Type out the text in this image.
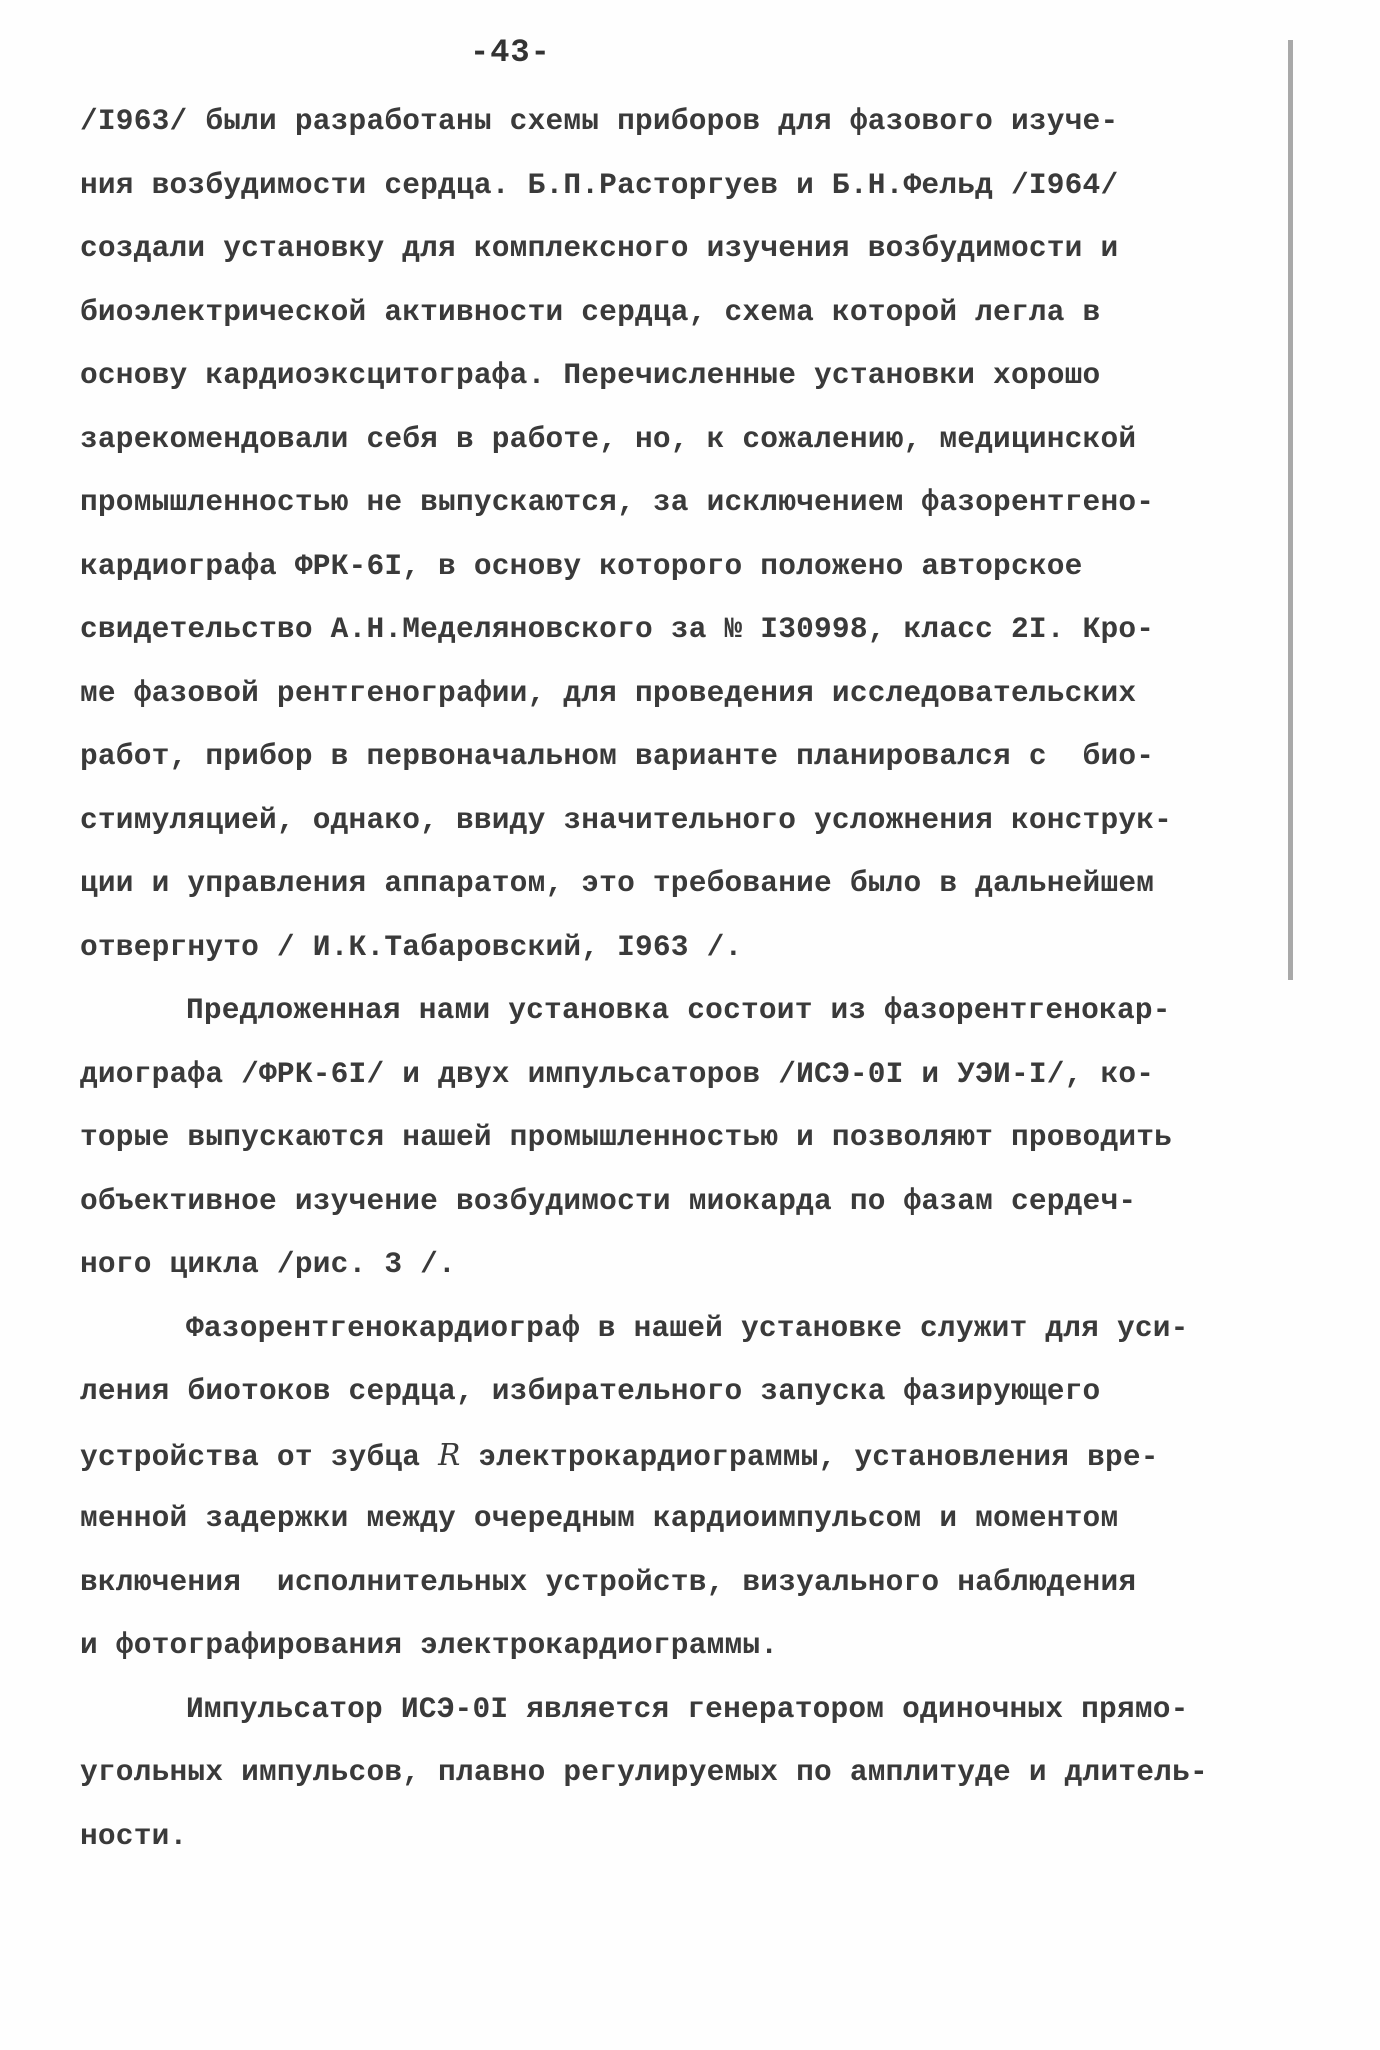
-43-
/I963/ были разработаны схемы приборов для фазового изуче-
ния возбудимости сердца. Б.П.Расторгуев и Б.Н.Фельд /I964/
создали установку для комплексного изучения возбудимости и
биоэлектрической активности сердца, схема которой легла в
основу кардиоэксцитографа. Перечисленные установки хорошо
зарекомендовали себя в работе, но, к сожалению, медицинской
промышленностью не выпускаются, за исключением фазорентгено-
кардиографа ФРК-6I, в основу которого положено авторское
свидетельство А.Н.Меделяновского за № I30998, класс 2I. Кро-
ме фазовой рентгенографии, для проведения исследовательских
работ, прибор в первоначальном варианте планировался с  био-
стимуляцией, однако, ввиду значительного усложнения конструк-
ции и управления аппаратом, это требование было в дальнейшем
отвергнуто / И.К.Табаровский, I963 /.
Предложенная нами установка состоит из фазорентгенокар-
диографа /ФРК-6I/ и двух импульсаторов /ИСЭ-0I и УЭИ-I/, ко-
торые выпускаются нашей промышленностью и позволяют проводить
объективное изучение возбудимости миокарда по фазам сердеч-
ного цикла /рис. 3 /.
Фазорентгенокардиограф в нашей установке служит для уси-
ления биотоков сердца, избирательного запуска фазирующего
устройства от зубца R электрокардиограммы, установления вре-
менной задержки между очередным кардиоимпульсом и моментом
включения  исполнительных устройств, визуального наблюдения
и фотографирования электрокардиограммы.
Импульсатор ИСЭ-0I является генератором одиночных прямо-
угольных импульсов, плавно регулируемых по амплитуде и длитель-
ности.
